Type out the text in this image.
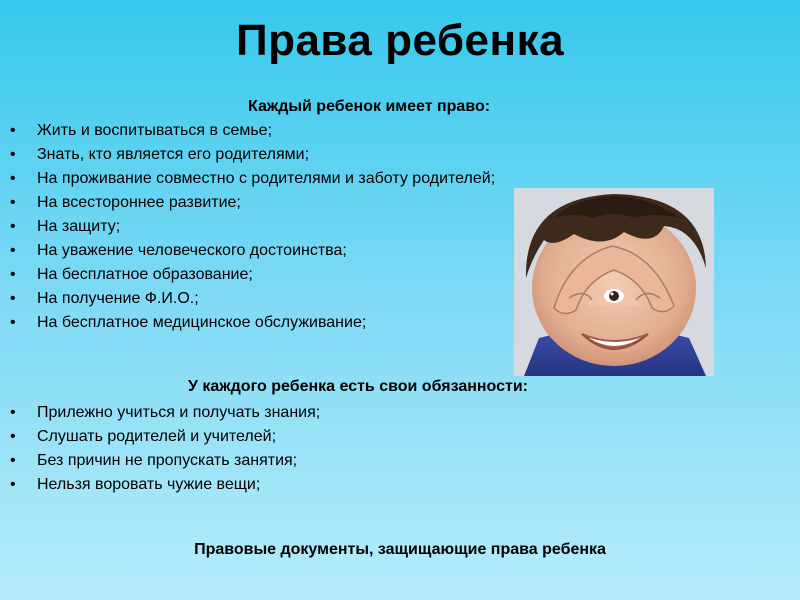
Права ребенка
Каждый ребенок имеет право:
• Жить и воспитываться в семье;
• Знать, кто является его родителями;
• На проживание совместно с родителями и заботу родителей;
• На всестороннее развитие;
• На защиту;
• На уважение человеческого достоинства;
• На бесплатное образование;
• На получение Ф.И.О.;
• На бесплатное медицинское обслуживание;
У каждого ребенка есть свои обязанности:
• Прилежно учиться и получать знания;
• Слушать родителей и учителей;
• Без причин не пропускать занятия;
• Нельзя воровать чужие вещи;
Правовые документы, защищающие права ребенка
